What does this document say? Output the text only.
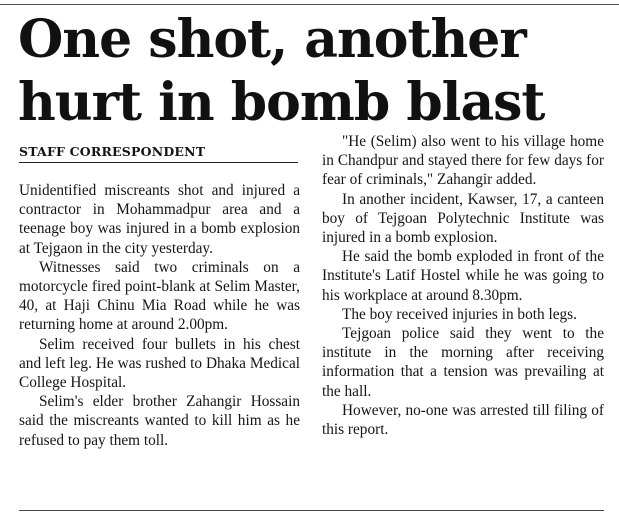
One shot, another hurt in bomb blast
STAFF CORRESPONDENT

Unidentified miscreants shot and injured a contractor in Mohammadpur area and a teenage boy was injured in a bomb explosion at Tejgaon in the city yesterday.

Witnesses said two criminals on a motorcycle fired point-blank at Selim Master, 40, at Haji Chinu Mia Road while he was returning home at around 2.00pm.

Selim received four bullets in his chest and left leg. He was rushed to Dhaka Medical College Hospital.

Selim's elder brother Zahangir Hossain said the miscreants wanted to kill him as he refused to pay them toll.

"He (Selim) also went to his village home in Chandpur and stayed there for few days for fear of criminals," Zahangir added.

In another incident, Kawser, 17, a canteen boy of Tejgoan Polytechnic Institute was injured in a bomb explosion.

He said the bomb exploded in front of the Institute's Latif Hostel while he was going to his workplace at around 8.30pm.

The boy received injuries in both legs.

Tejgoan police said they went to the institute in the morning after receiving information that a tension was prevailing at the hall.

However, no-one was arrested till filing of this report.
